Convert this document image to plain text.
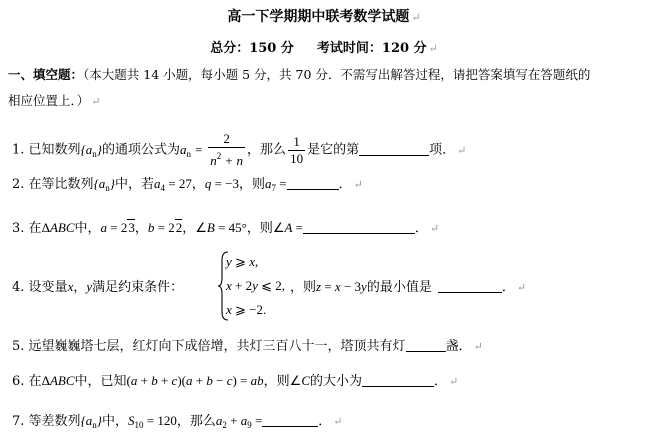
高一下学期期中联考数学试题 ↵
总分：150 分 考试时间：120 分 ↵
一、填空题：（本大题共 14 小题，每小题 5 分，共 70 分．不需写出解答过程，请把答案填写在答题纸的
相应位置上．） ↵
1. 已知数列$\{a_n\}$的通项公式为$a_n = \frac{2}{n^2 + n}$ ，那么 $\frac{1}{10}$ 是它的第	项． ↵
2. 在等比数列$\{a_n\}$中，若$a_4 = 27$，q = −3，则$a_7$ =	． ↵
3. 在ΔABC中，a = 23，b = 22，∠B = 45°，则∠A =	． ↵
4. 设变量x，y满足约束条件：
y ⩾ x,
x + 2y ⩽ 2,
x ⩾ −2.
，则z = x − 3y的最小值是	． ↵
5. 远望巍巍塔七层，红灯向下成倍增，共灯三百八十一，塔顶共有灯	盏． ↵
6. 在ΔABC中，已知(a + b + c)(a + b − c) = ab，则∠C的大小为	． ↵
7. 等差数列$\{a_n\}$中，$S_{10} = 120$，那么$a_2 + a_9$ =	． ↵
